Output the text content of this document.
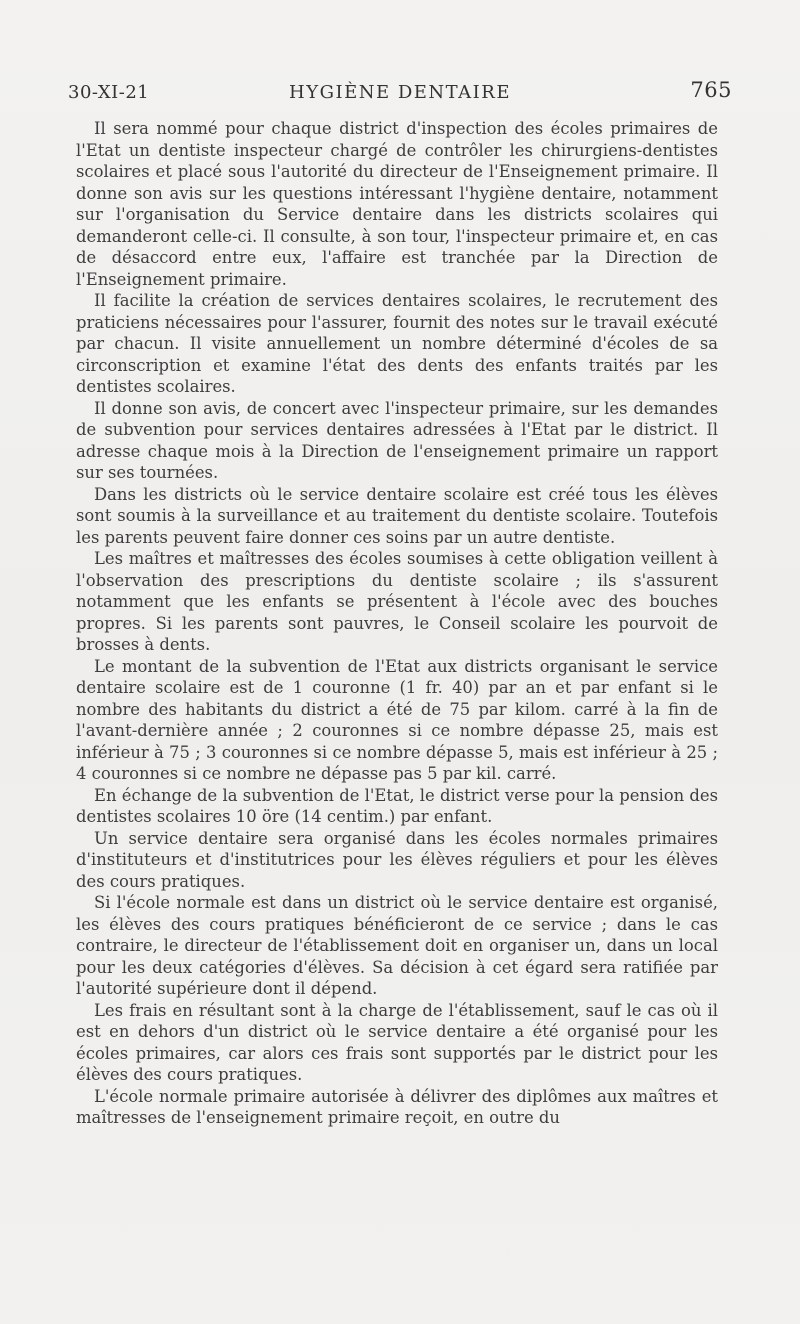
30-XI-21	HYGIÈNE DENTAIRE	765

Il sera nommé pour chaque district d'inspection des écoles primaires de l'Etat un dentiste inspecteur chargé de contrôler les chirurgiens-dentistes scolaires et placé sous l'autorité du directeur de l'Enseignement primaire. Il donne son avis sur les questions intéressant l'hygiène dentaire, notamment sur l'organisation du Service dentaire dans les districts scolaires qui demanderont celle-ci. Il consulte, à son tour, l'inspecteur primaire et, en cas de désaccord entre eux, l'affaire est tranchée par la Direction de l'Enseignement primaire.

Il facilite la création de services dentaires scolaires, le recrutement des praticiens nécessaires pour l'assurer, fournit des notes sur le travail exécuté par chacun. Il visite annuellement un nombre déterminé d'écoles de sa circonscription et examine l'état des dents des enfants traités par les dentistes scolaires.

Il donne son avis, de concert avec l'inspecteur primaire, sur les demandes de subvention pour services dentaires adressées à l'Etat par le district. Il adresse chaque mois à la Direction de l'enseignement primaire un rapport sur ses tournées.

Dans les districts où le service dentaire scolaire est créé tous les élèves sont soumis à la surveillance et au traitement du dentiste scolaire. Toutefois les parents peuvent faire donner ces soins par un autre dentiste.

Les maîtres et maîtresses des écoles soumises à cette obligation veillent à l'observation des prescriptions du dentiste scolaire ; ils s'assurent notamment que les enfants se présentent à l'école avec des bouches propres. Si les parents sont pauvres, le Conseil scolaire les pourvoit de brosses à dents.

Le montant de la subvention de l'Etat aux districts organisant le service dentaire scolaire est de 1 couronne (1 fr. 40) par an et par enfant si le nombre des habitants du district a été de 75 par kilom. carré à la fin de l'avant-dernière année ; 2 couronnes si ce nombre dépasse 25, mais est inférieur à 75 ; 3 couronnes si ce nombre dépasse 5, mais est inférieur à 25 ; 4 couronnes si ce nombre ne dépasse pas 5 par kil. carré.

En échange de la subvention de l'Etat, le district verse pour la pension des dentistes scolaires 10 öre (14 centim.) par enfant.

Un service dentaire sera organisé dans les écoles normales primaires d'instituteurs et d'institutrices pour les élèves réguliers et pour les élèves des cours pratiques.

Si l'école normale est dans un district où le service dentaire est organisé, les élèves des cours pratiques bénéficieront de ce service ; dans le cas contraire, le directeur de l'établissement doit en organiser un, dans un local pour les deux catégories d'élèves. Sa décision à cet égard sera ratifiée par l'autorité supérieure dont il dépend.

Les frais en résultant sont à la charge de l'établissement, sauf le cas où il est en dehors d'un district où le service dentaire a été organisé pour les écoles primaires, car alors ces frais sont supportés par le district pour les élèves des cours pratiques.

L'école normale primaire autorisée à délivrer des diplômes aux maîtres et maîtresses de l'enseignement primaire reçoit, en outre du
